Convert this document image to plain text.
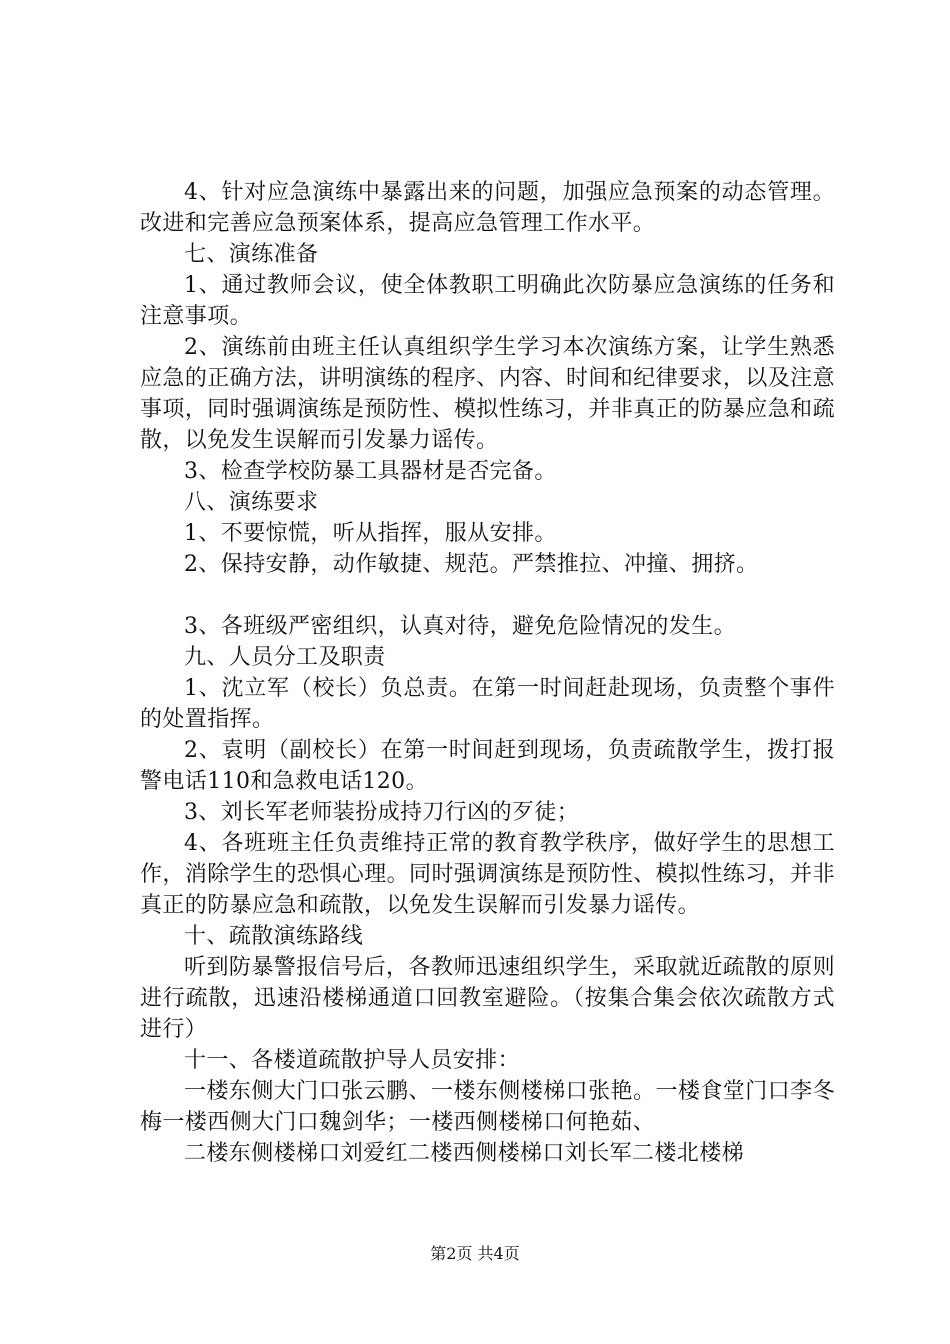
4、针对应急演练中暴露出来的问题，加强应急预案的动态管理。改进和完善应急预案体系，提高应急管理工作水平。

七、演练准备

1、通过教师会议，使全体教职工明确此次防暴应急演练的任务和注意事项。

2、演练前由班主任认真组织学生学习本次演练方案，让学生熟悉应急的正确方法，讲明演练的程序、内容、时间和纪律要求，以及注意事项，同时强调演练是预防性、模拟性练习，并非真正的防暴应急和疏散，以免发生误解而引发暴力谣传。

3、检查学校防暴工具器材是否完备。

八、演练要求

1、不要惊慌，听从指挥，服从安排。

2、保持安静，动作敏捷、规范。严禁推拉、冲撞、拥挤。

3、各班级严密组织，认真对待，避免危险情况的发生。

九、人员分工及职责

1、沈立军（校长）负总责。在第一时间赶赴现场，负责整个事件的处置指挥。

2、袁明（副校长）在第一时间赶到现场，负责疏散学生，拨打报警电话110和急救电话120。

3、刘长军老师装扮成持刀行凶的歹徒；

4、各班班主任负责维持正常的教育教学秩序，做好学生的思想工作，消除学生的恐惧心理。同时强调演练是预防性、模拟性练习，并非真正的防暴应急和疏散，以免发生误解而引发暴力谣传。

十、疏散演练路线

听到防暴警报信号后，各教师迅速组织学生，采取就近疏散的原则进行疏散，迅速沿楼梯通道口回教室避险。（按集合集会依次疏散方式进行）

十一、各楼道疏散护导人员安排：

一楼东侧大门口张云鹏、一楼东侧楼梯口张艳。一楼食堂门口李冬梅一楼西侧大门口魏剑华；一楼西侧楼梯口何艳茹、

二楼东侧楼梯口刘爱红二楼西侧楼梯口刘长军二楼北楼梯

第2页 共4页
